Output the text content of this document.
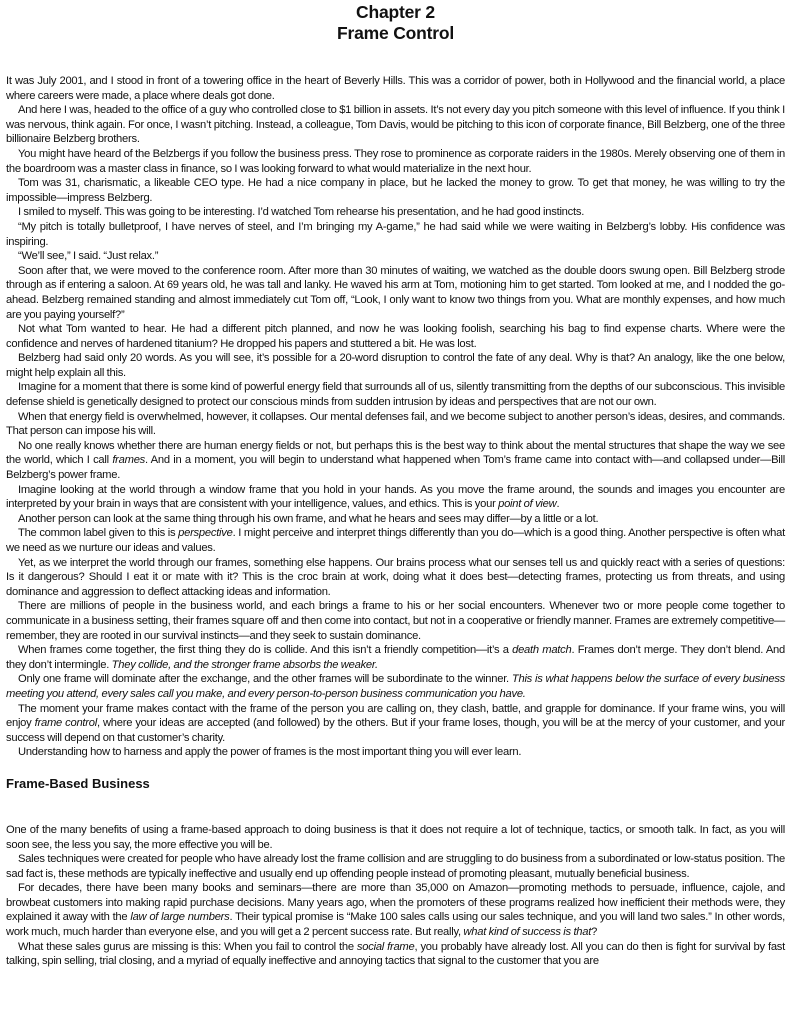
Chapter 2
Frame Control

It was July 2001, and I stood in front of a towering office in the heart of Beverly Hills. This was a corridor of power, both in Hollywood and the financial world, a place where careers were made, a place where deals got done.

And here I was, headed to the office of a guy who controlled close to $1 billion in assets. It’s not every day you pitch someone with this level of influence. If you think I was nervous, think again. For once, I wasn’t pitching. Instead, a colleague, Tom Davis, would be pitching to this icon of corporate finance, Bill Belzberg, one of the three billionaire Belzberg brothers.

You might have heard of the Belzbergs if you follow the business press. They rose to prominence as corporate raiders in the 1980s. Merely observing one of them in the boardroom was a master class in finance, so I was looking forward to what would materialize in the next hour.

Tom was 31, charismatic, a likeable CEO type. He had a nice company in place, but he lacked the money to grow. To get that money, he was willing to try the impossible—impress Belzberg.

I smiled to myself. This was going to be interesting. I’d watched Tom rehearse his presentation, and he had good instincts.

“My pitch is totally bulletproof, I have nerves of steel, and I’m bringing my A-game,” he had said while we were waiting in Belzberg’s lobby. His confidence was inspiring.

“We’ll see,” I said. “Just relax.”

Soon after that, we were moved to the conference room. After more than 30 minutes of waiting, we watched as the double doors swung open. Bill Belzberg strode through as if entering a saloon. At 69 years old, he was tall and lanky. He waved his arm at Tom, motioning him to get started. Tom looked at me, and I nodded the go-ahead. Belzberg remained standing and almost immediately cut Tom off, “Look, I only want to know two things from you. What are monthly expenses, and how much are you paying yourself?”

Not what Tom wanted to hear. He had a different pitch planned, and now he was looking foolish, searching his bag to find expense charts. Where were the confidence and nerves of hardened titanium? He dropped his papers and stuttered a bit. He was lost.

Belzberg had said only 20 words. As you will see, it’s possible for a 20-word disruption to control the fate of any deal. Why is that? An analogy, like the one below, might help explain all this.

Imagine for a moment that there is some kind of powerful energy field that surrounds all of us, silently transmitting from the depths of our subconscious. This invisible defense shield is genetically designed to protect our conscious minds from sudden intrusion by ideas and perspectives that are not our own.

When that energy field is overwhelmed, however, it collapses. Our mental defenses fail, and we become subject to another person’s ideas, desires, and commands. That person can impose his will.

No one really knows whether there are human energy fields or not, but perhaps this is the best way to think about the mental structures that shape the way we see the world, which I call frames. And in a moment, you will begin to understand what happened when Tom’s frame came into contact with—and collapsed under—Bill Belzberg’s power frame.

Imagine looking at the world through a window frame that you hold in your hands. As you move the frame around, the sounds and images you encounter are interpreted by your brain in ways that are consistent with your intelligence, values, and ethics. This is your point of view.

Another person can look at the same thing through his own frame, and what he hears and sees may differ—by a little or a lot.

The common label given to this is perspective. I might perceive and interpret things differently than you do—which is a good thing. Another perspective is often what we need as we nurture our ideas and values.

Yet, as we interpret the world through our frames, something else happens. Our brains process what our senses tell us and quickly react with a series of questions: Is it dangerous? Should I eat it or mate with it? This is the croc brain at work, doing what it does best—detecting frames, protecting us from threats, and using dominance and aggression to deflect attacking ideas and information.

There are millions of people in the business world, and each brings a frame to his or her social encounters. Whenever two or more people come together to communicate in a business setting, their frames square off and then come into contact, but not in a cooperative or friendly manner. Frames are extremely competitive—remember, they are rooted in our survival instincts—and they seek to sustain dominance.

When frames come together, the first thing they do is collide. And this isn’t a friendly competition—it’s a death match. Frames don’t merge. They don’t blend. And they don’t intermingle. They collide, and the stronger frame absorbs the weaker.

Only one frame will dominate after the exchange, and the other frames will be subordinate to the winner. This is what happens below the surface of every business meeting you attend, every sales call you make, and every person-to-person business communication you have.

The moment your frame makes contact with the frame of the person you are calling on, they clash, battle, and grapple for dominance. If your frame wins, you will enjoy frame control, where your ideas are accepted (and followed) by the others. But if your frame loses, though, you will be at the mercy of your customer, and your success will depend on that customer’s charity.

Understanding how to harness and apply the power of frames is the most important thing you will ever learn.

Frame-Based Business

One of the many benefits of using a frame-based approach to doing business is that it does not require a lot of technique, tactics, or smooth talk. In fact, as you will soon see, the less you say, the more effective you will be.

Sales techniques were created for people who have already lost the frame collision and are struggling to do business from a subordinated or low-status position. The sad fact is, these methods are typically ineffective and usually end up offending people instead of promoting pleasant, mutually beneficial business.

For decades, there have been many books and seminars—there are more than 35,000 on Amazon—promoting methods to persuade, influence, cajole, and browbeat customers into making rapid purchase decisions. Many years ago, when the promoters of these programs realized how inefficient their methods were, they explained it away with the law of large numbers. Their typical promise is “Make 100 sales calls using our sales technique, and you will land two sales.” In other words, work much, much harder than everyone else, and you will get a 2 percent success rate. But really, what kind of success is that?

What these sales gurus are missing is this: When you fail to control the social frame, you probably have already lost. All you can do then is fight for survival by fast talking, spin selling, trial closing, and a myriad of equally ineffective and annoying tactics that signal to the customer that you are
